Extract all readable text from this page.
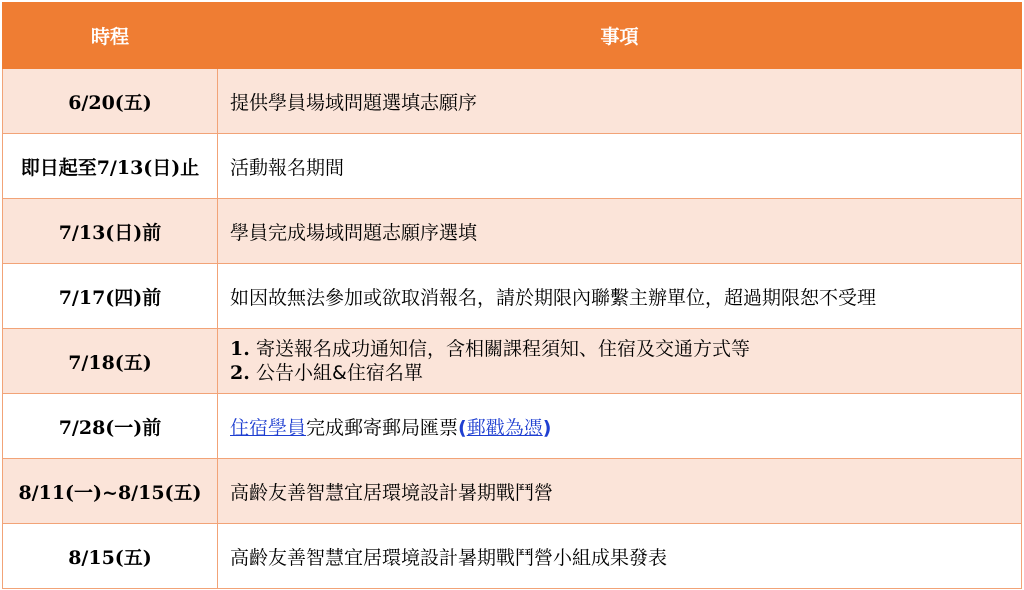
時程	事項
6/20(五)	提供學員場域問題選填志願序
即日起至7/13(日)止	活動報名期間
7/13(日)前	學員完成場域問題志願序選填
7/17(四)前	如因故無法參加或欲取消報名，請於期限內聯繫主辦單位，超過期限恕不受理
7/18(五)	1. 寄送報名成功通知信，含相關課程須知、住宿及交通方式等
2. 公告小組&住宿名單

7/28(一)前	住宿學員完成郵寄郵局匯票(郵戳為憑)
8/11(一)~8/15(五)	高齡友善智慧宜居環境設計暑期戰鬥營
8/15(五)	高齡友善智慧宜居環境設計暑期戰鬥營小組成果發表
